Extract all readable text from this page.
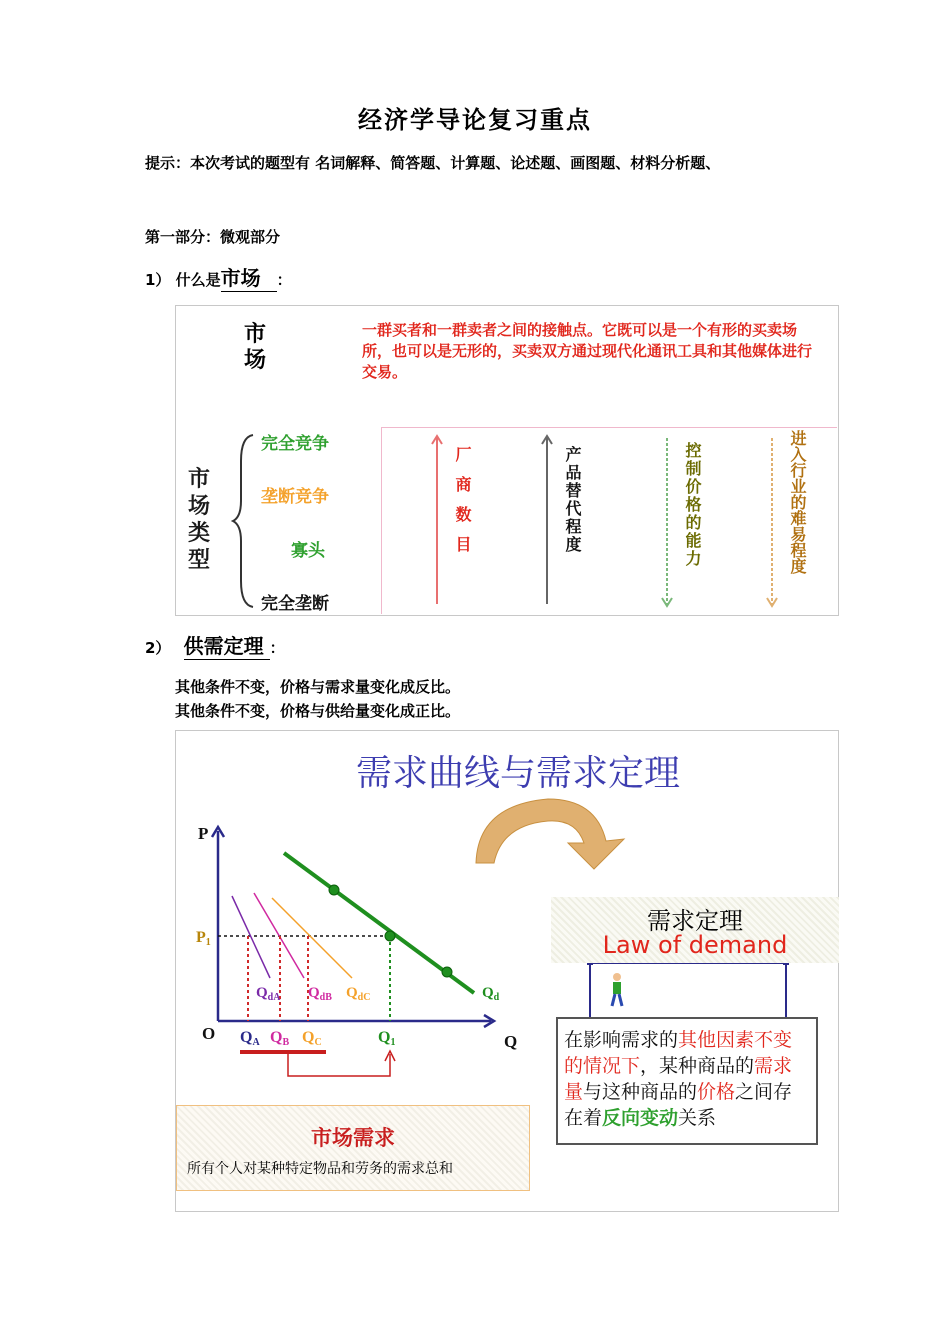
经济学导论复习重点
提示：本次考试的题型有 名词解释、简答题、计算题、论述题、画图题、材料分析题、
第一部分：微观部分
1） 什么是市场 ：
市场
一群买者和一群卖者之间的接触点。它既可以是一个有形的买卖场所，也可以是无形的，买卖双方通过现代化通讯工具和其他媒体进行交易。
市场类型
完全竞争
垄断竞争
寡头
完全垄断
厂商数目	产品替代程度	控制价格的能力	进入行业的难易程度
2） 供需定理 ：
其他条件不变，价格与需求量变化成反比。
其他条件不变，价格与供给量变化成正比。
需求曲线与需求定理
P
Q
O
P1
$Q_{dA}$ $Q_{dB}$ $Q_{dC}$	$Q_d$
QA QB QC	Q1
需求定理
Law of demand
在影响需求的其他因素不变的情况下，某种商品的需求量与这种商品的价格之间存在着反向变动关系
市场需求
所有个人对某种特定物品和劳务的需求总和
